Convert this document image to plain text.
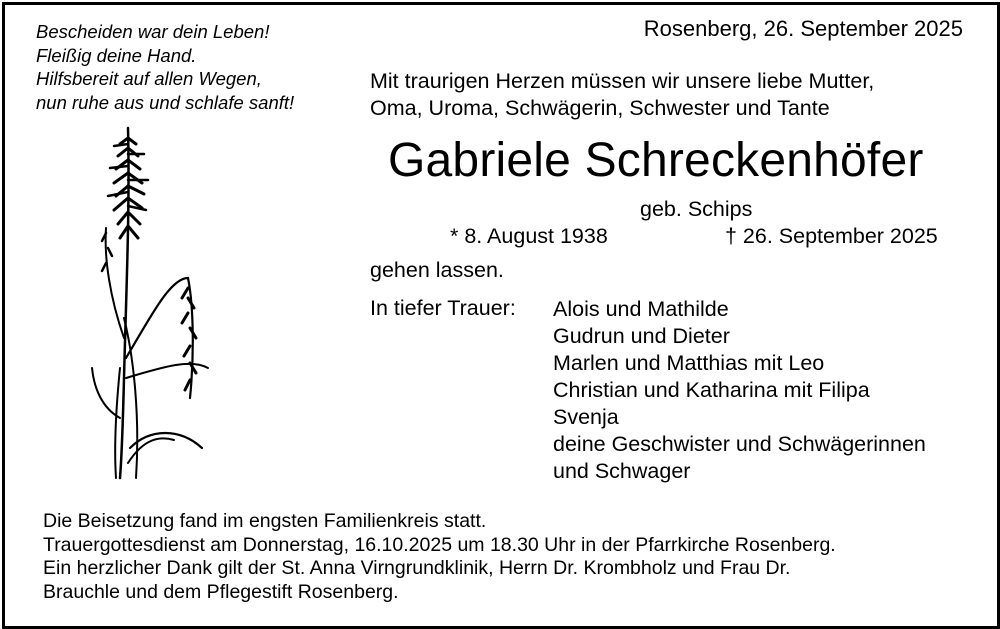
Bescheiden war dein Leben!
Fleißig deine Hand.
Hilfsbereit auf allen Wegen,
nun ruhe aus und schlafe sanft!
Rosenberg, 26. September 2025
Mit traurigen Herzen müssen wir unsere liebe Mutter,
Oma, Uroma, Schwägerin, Schwester und Tante
Gabriele Schreckenhöfer
geb. Schips
* 8. August 1938	† 26. September 2025
gehen lassen.
In tiefer Trauer: Alois und Mathilde
Gudrun und Dieter
Marlen und Matthias mit Leo
Christian und Katharina mit Filipa
Svenja
deine Geschwister und Schwägerinnen
und Schwager
Die Beisetzung fand im engsten Familienkreis statt.
Trauergottesdienst am Donnerstag, 16.10.2025 um 18.30 Uhr in der Pfarrkirche Rosenberg.
Ein herzlicher Dank gilt der St. Anna Virngrundklinik, Herrn Dr. Krombholz und Frau Dr.
Brauchle und dem Pflegestift Rosenberg.
